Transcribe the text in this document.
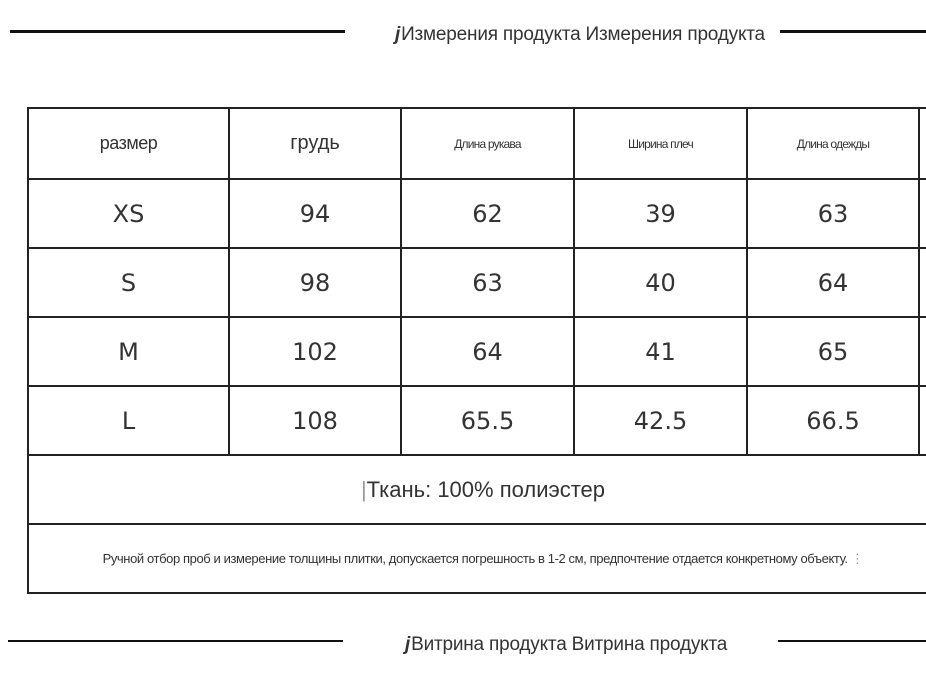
jИзмерения продукта Измерения продукта
размер	грудь	Длина рукава	Ширина плеч	Длина одежды	
XS	94	62	39	63	
S	98	63	40	64	
M	102	64	41	65	
L	108	65.5	42.5	66.5	
|Ткань: 100% полиэстер					
Ручной отбор проб и измерение толщины плитки, допускается погрешность в 1-2 см, предпочтение отдается конкретному объекту. ⋮					
jВитрина продукта Витрина продукта
